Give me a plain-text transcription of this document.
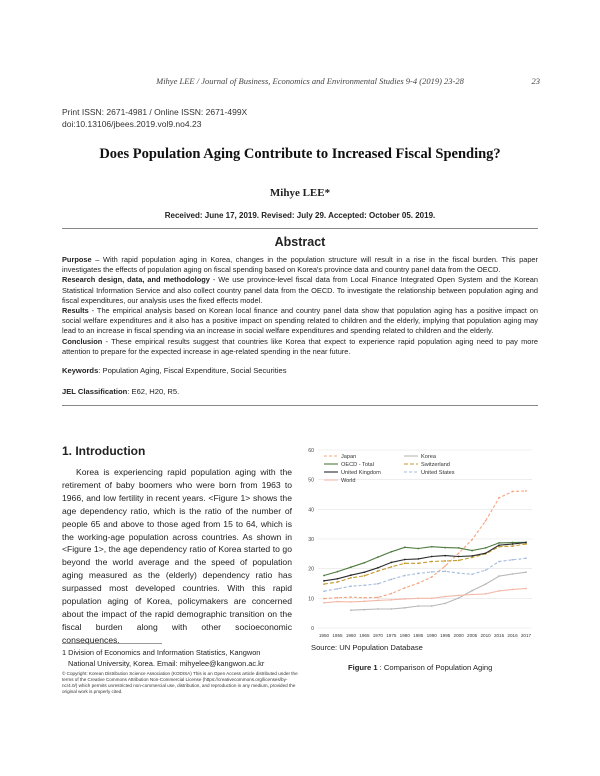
Mihye LEE / Journal of Business, Economics and Environmental Studies 9-4 (2019) 23-28	23
Print ISSN: 2671-4981 / Online ISSN: 2671-499X
doi:10.13106/jbees.2019.vol9.no4.23
Does Population Aging Contribute to Increased Fiscal Spending?
Mihye LEE*
Received: June 17, 2019. Revised: July 29. Accepted: October 05. 2019.
Abstract

Purpose – With rapid population aging in Korea, changes in the population structure will result in a rise in the fiscal burden. This paper investigates the effects of population aging on fiscal spending based on Korea's province data and country panel data from the OECD.

Research design, data, and methodology - We use province-level fiscal data from Local Finance Integrated Open System and the Korean Statistical Information Service and also collect country panel data from the OECD. To investigate the relationship between population aging and fiscal expenditures, our analysis uses the fixed effects model.

Results - The empirical analysis based on Korean local finance and country panel data show that population aging has a positive impact on social welfare expenditures and it also has a positive impact on spending related to children and the elderly, implying that population aging may lead to an increase in fiscal spending via an increase in social welfare expenditures and spending related to children and the elderly.

Conclusion - These empirical results suggest that countries like Korea that expect to experience rapid population aging need to pay more attention to prepare for the expected increase in age-related spending in the near future.

Keywords: Population Aging, Fiscal Expenditure, Social Securities
JEL Classification: E62, H20, R5.
1. Introduction
Korea is experiencing rapid population aging with the retirement of baby boomers who were born from 1963 to 1966, and low fertility in recent years. <Figure 1> shows the age dependency ratio, which is the ratio of the number of people 65 and above to those aged from 15 to 64, which is the working-age population across countries. As shown in <Figure 1>, the age dependency ratio of Korea started to go beyond the world average and the speed of population aging measured as the (elderly) dependency ratio has surpassed most developed countries. With this rapid population aging of Korea, policymakers are concerned about the impact of the rapid demographic transition on the fiscal burden along with other socioeconomic consequences.
1 Division of Economics and Information Statistics, Kangwon
National University, Korea. Email: mihyelee@kangwon.ac.kr
© Copyright: Korean Distribution Science Association (KODISA) This is an Open Access article distributed under the terms of the Creative Commons Attribution Non-Commercial License (https://creativecommons.org/licenses/by-nc/4.0/) which permits unrestricted non-commercial use, distribution, and reproduction in any medium, provided the original work is properly cited.
0
10
20
30
40
50
60
1950 1955 1960 1965 1970 1975 1980 1985 1990 1995 2000 2005 2010 2015 2016 2017
Japan	Korea
OECD - Total	Switzerland
United Kingdom	United States
World
Source: UN Population Database
Figure 1 : Comparison of Population Aging
